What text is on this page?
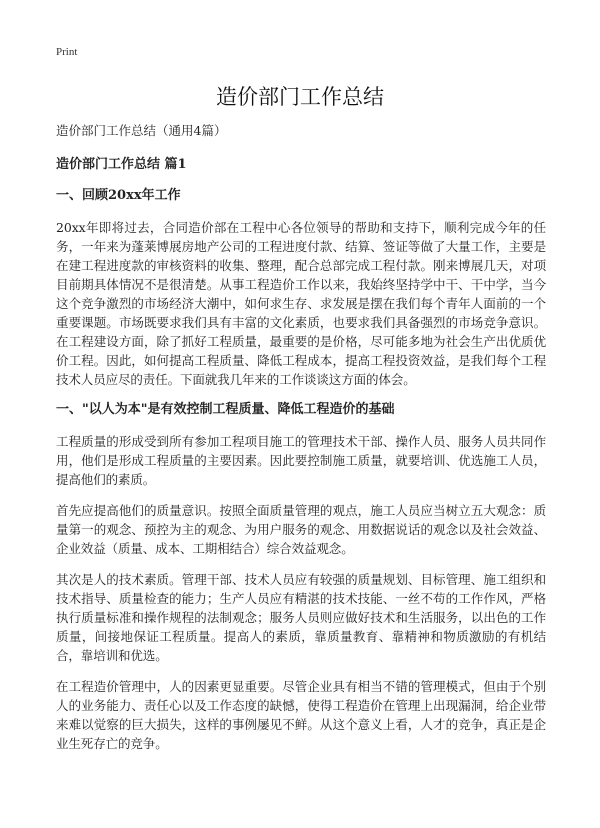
Print
造价部门工作总结

造价部门工作总结（通用4篇）

造价部门工作总结 篇1

一、回顾20xx年工作

20xx年即将过去，合同造价部在工程中心各位领导的帮助和支持下，顺利完成今年的任务，一年来为蓬莱博展房地产公司的工程进度付款、结算、签证等做了大量工作，主要是在建工程进度款的审核资料的收集、整理，配合总部完成工程付款。刚来博展几天，对项目前期具体情况不是很清楚。从事工程造价工作以来，我始终坚持学中干、干中学，当今这个竞争激烈的市场经济大潮中，如何求生存、求发展是摆在我们每个青年人面前的一个重要课题。市场既要求我们具有丰富的文化素质，也要求我们具备强烈的市场竞争意识。在工程建设方面，除了抓好工程质量，最重要的是价格，尽可能多地为社会生产出优质优价工程。因此，如何提高工程质量、降低工程成本，提高工程投资效益，是我们每个工程技术人员应尽的责任。下面就我几年来的工作谈谈这方面的体会。

一、"以人为本"是有效控制工程质量、降低工程造价的基础

工程质量的形成受到所有参加工程项目施工的管理技术干部、操作人员、服务人员共同作用，他们是形成工程质量的主要因素。因此要控制施工质量，就要培训、优选施工人员，提高他们的素质。

首先应提高他们的质量意识。按照全面质量管理的观点，施工人员应当树立五大观念：质量第一的观念、预控为主的观念、为用户服务的观念、用数据说话的观念以及社会效益、企业效益（质量、成本、工期相结合）综合效益观念。

其次是人的技术素质。管理干部、技术人员应有较强的质量规划、目标管理、施工组织和技术指导、质量检查的能力；生产人员应有精湛的技术技能、一丝不苟的工作作风，严格执行质量标准和操作规程的法制观念；服务人员则应做好技术和生活服务，以出色的工作质量，间接地保证工程质量。提高人的素质，靠质量教育、靠精神和物质激励的有机结合，靠培训和优选。

在工程造价管理中，人的因素更显重要。尽管企业具有相当不错的管理模式，但由于个别人的业务能力、责任心以及工作态度的缺憾，使得工程造价在管理上出现漏洞，给企业带来难以觉察的巨大损失，这样的事例屡见不鲜。从这个意义上看，人才的竞争，真正是企业生死存亡的竞争。
